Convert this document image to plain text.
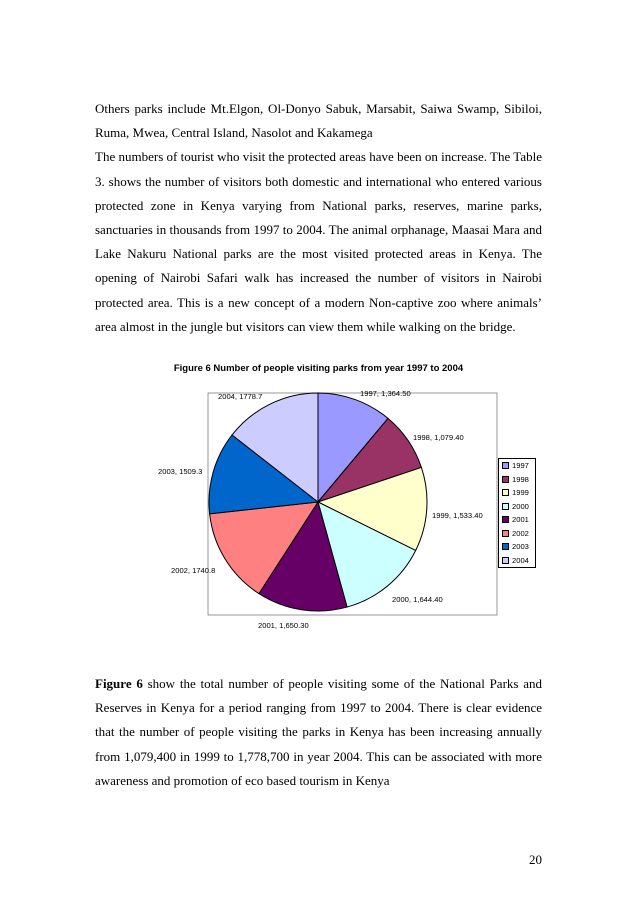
Others parks include Mt.Elgon, Ol-Donyo Sabuk, Marsabit, Saiwa Swamp, Sibiloi, Ruma, Mwea, Central Island, Nasolot and Kakamega
The numbers of tourist who visit the protected areas have been on increase. The Table 3. shows the number of visitors both domestic and international who entered various protected zone in Kenya varying from National parks, reserves, marine parks, sanctuaries in thousands from 1997 to 2004. The animal orphanage, Maasai Mara and Lake Nakuru National parks are the most visited protected areas in Kenya. The opening of Nairobi Safari walk has increased the number of visitors in Nairobi protected area. This is a new concept of a modern Non-captive zoo where animals’ area almost in the jungle but visitors can view them while walking on the bridge.
Figure 6 Number of people visiting parks from year 1997 to 2004
1997, 1,364.50
1998, 1,079.40
1999, 1,533.40
2000, 1,644.40
2001, 1,650.30
2002, 1740.8
2003, 1509.3
2004, 1778.7
1997
1998
1999
2000
2001
2002
2003
2004

Figure 6 show the total number of people visiting some of the National Parks and Reserves in Kenya for a period ranging from 1997 to 2004. There is clear evidence that the number of people visiting the parks in Kenya has been increasing annually from 1,079,400 in 1999 to 1,778,700 in year 2004. This can be associated with more awareness and promotion of eco based tourism in Kenya

20
